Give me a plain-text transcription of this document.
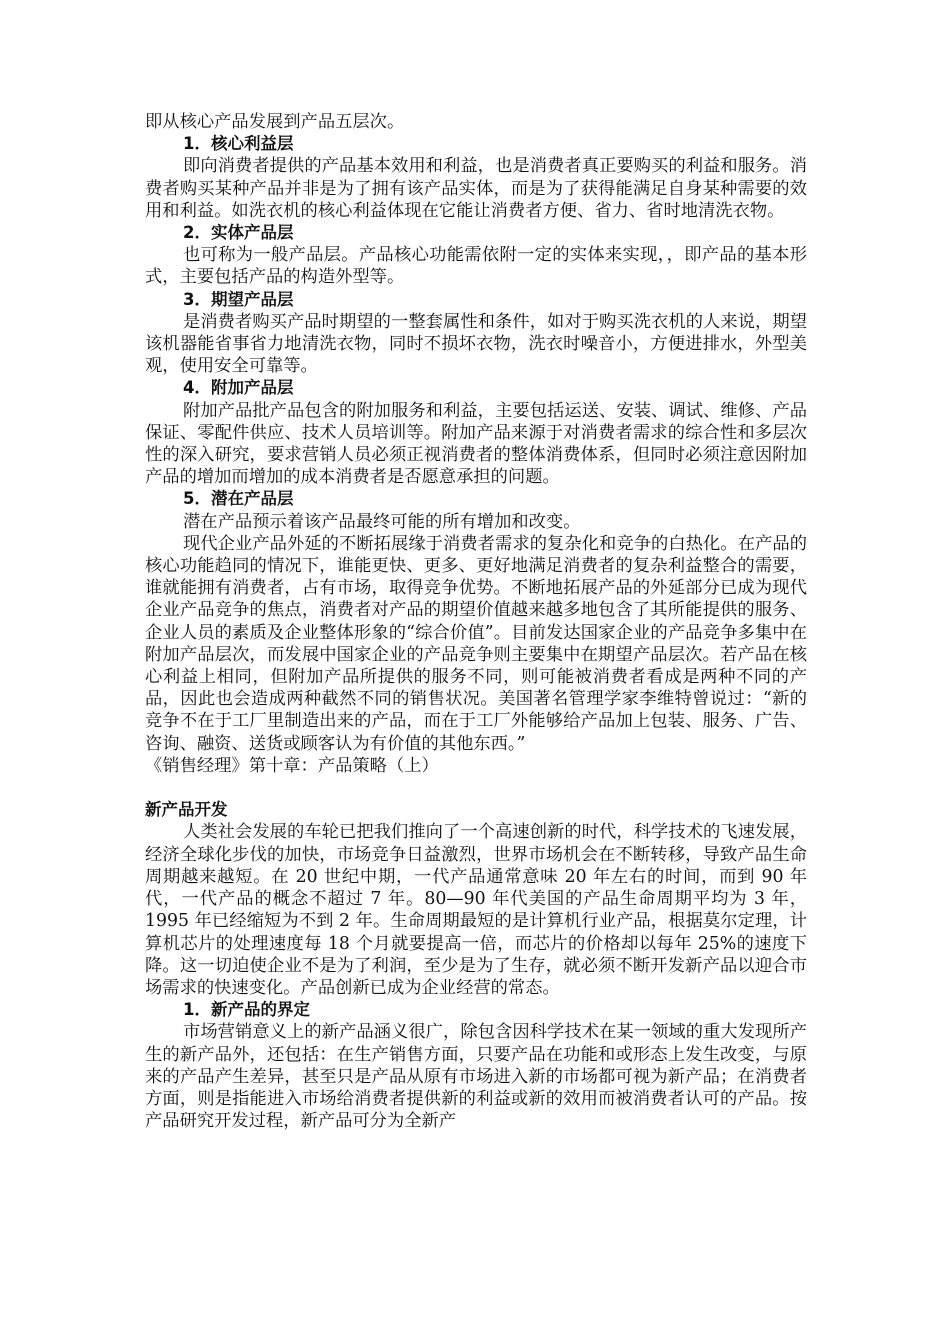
即从核心产品发展到产品五层次。

1．核心利益层

即向消费者提供的产品基本效用和利益，也是消费者真正要购买的利益和服务。消费者购买某种产品并非是为了拥有该产品实体，而是为了获得能满足自身某种需要的效用和利益。如洗衣机的核心利益体现在它能让消费者方便、省力、省时地清洗衣物。

2．实体产品层

也可称为一般产品层。产品核心功能需依附一定的实体来实现，，即产品的基本形式，主要包括产品的构造外型等。

3．期望产品层

是消费者购买产品时期望的一整套属性和条件，如对于购买洗衣机的人来说，期望该机器能省事省力地清洗衣物，同时不损坏衣物，洗衣时噪音小，方便进排水，外型美观，使用安全可靠等。

4．附加产品层

附加产品批产品包含的附加服务和利益，主要包括运送、安装、调试、维修、产品保证、零配件供应、技术人员培训等。附加产品来源于对消费者需求的综合性和多层次性的深入研究，要求营销人员必须正视消费者的整体消费体系，但同时必须注意因附加产品的增加而增加的成本消费者是否愿意承担的问题。

5．潜在产品层

潜在产品预示着该产品最终可能的所有增加和改变。

现代企业产品外延的不断拓展缘于消费者需求的复杂化和竞争的白热化。在产品的核心功能趋同的情况下，谁能更快、更多、更好地满足消费者的复杂利益整合的需要，谁就能拥有消费者，占有市场，取得竞争优势。不断地拓展产品的外延部分已成为现代企业产品竞争的焦点，消费者对产品的期望价值越来越多地包含了其所能提供的服务、企业人员的素质及企业整体形象的“综合价值”。目前发达国家企业的产品竞争多集中在附加产品层次，而发展中国家企业的产品竞争则主要集中在期望产品层次。若产品在核心利益上相同，但附加产品所提供的服务不同，则可能被消费者看成是两种不同的产品，因此也会造成两种截然不同的销售状况。美国著名管理学家李维特曾说过：“新的竞争不在于工厂里制造出来的产品，而在于工厂外能够给产品加上包装、服务、广告、咨询、融资、送货或顾客认为有价值的其他东西。”

《销售经理》第十章：产品策略（上）

新产品开发

人类社会发展的车轮已把我们推向了一个高速创新的时代，科学技术的飞速发展，经济全球化步伐的加快，市场竞争日益激烈，世界市场机会在不断转移，导致产品生命周期越来越短。在 20 世纪中期，一代产品通常意味 20 年左右的时间，而到 90 年代，一代产品的概念不超过 7 年。80—90 年代美国的产品生命周期平均为 3 年，1995 年已经缩短为不到 2 年。生命周期最短的是计算机行业产品，根据莫尔定理，计算机芯片的处理速度每 18 个月就要提高一倍，而芯片的价格却以每年 25%的速度下降。这一切迫使企业不是为了利润，至少是为了生存，就必须不断开发新产品以迎合市场需求的快速变化。产品创新已成为企业经营的常态。

1．新产品的界定

市场营销意义上的新产品涵义很广，除包含因科学技术在某一领域的重大发现所产生的新产品外，还包括：在生产销售方面，只要产品在功能和或形态上发生改变，与原来的产品产生差异，甚至只是产品从原有市场进入新的市场都可视为新产品；在消费者方面，则是指能进入市场给消费者提供新的利益或新的效用而被消费者认可的产品。按产品研究开发过程，新产品可分为全新产
